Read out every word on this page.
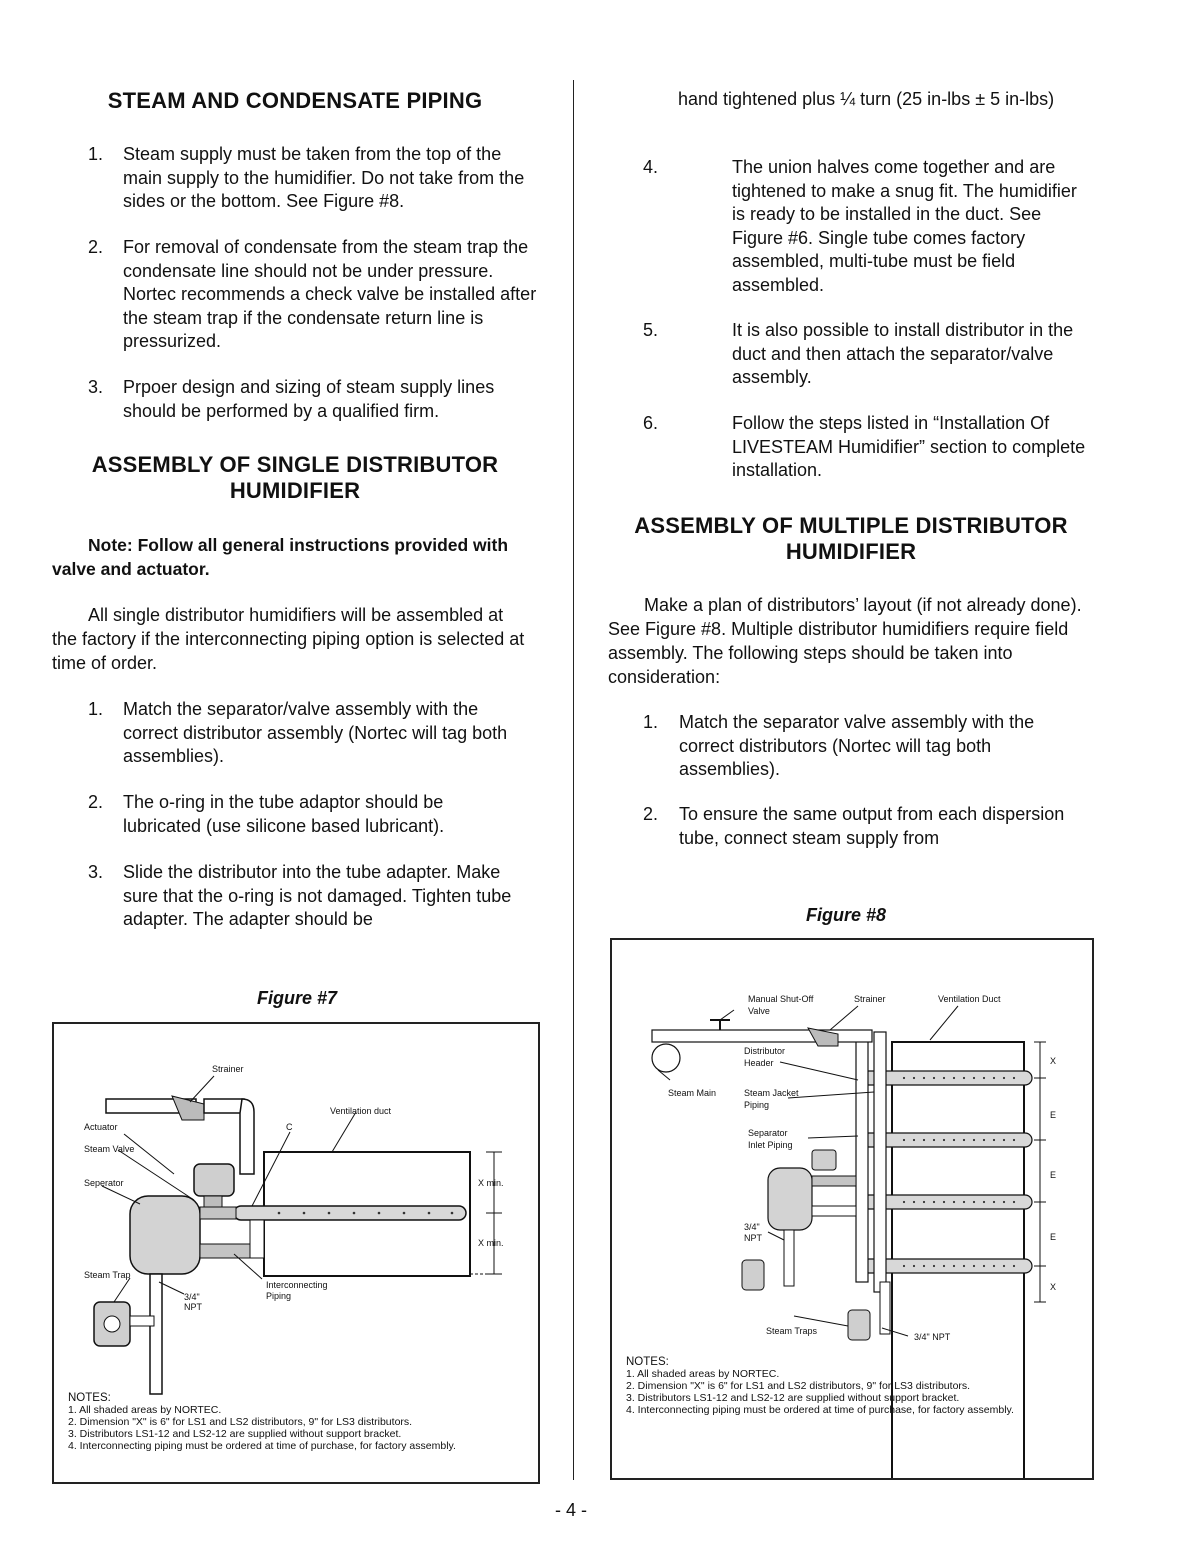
STEAM AND CONDENSATE PIPING
1. Steam supply must be taken from the top of the main supply to the humidifier. Do not take from the sides or the bottom. See Figure #8.
2. For removal of condensate from the steam trap the condensate line should not be under pressure. Nortec recommends a check valve be installed after the steam trap if the condensate return line is pressurized.
3. Prpoer design and sizing of steam supply lines should be performed by a qualified firm.
ASSEMBLY OF SINGLE DISTRIBUTOR
HUMIDIFIER
Note: Follow all general instructions provided with valve and actuator.
All single distributor humidifiers will be assembled at the factory if the interconnecting piping option is selected at time of order.
1. Match the separator/valve assembly with the correct distributor assembly (Nortec will tag both assemblies).
2. The o-ring in the tube adaptor should be lubricated (use silicone based lubricant).
3. Slide the distributor into the tube adapter. Make sure that the o-ring is not damaged. Tighten tube adapter. The adapter should be
Figure #7
Strainer
Actuator
Steam Valve
Seperator
Steam Trap
3/4"
NPT
C
Ventilation duct
X min.
X min.
Interconnecting
Piping
NOTES:
1. All shaded areas by NORTEC.
2. Dimension "X" is 6" for LS1 and LS2 distributors, 9" for LS3 distributors.
3. Distributors LS1-12 and LS2-12 are supplied without support bracket.
4. Interconnecting piping must be ordered at time of purchase, for factory assembly.
hand tightened plus ¼ turn (25 in-lbs ± 5 in-lbs)
4.	The union halves come together and are tightened to make a snug fit. The humidifier is ready to be installed in the duct. See Figure #6. Single tube comes factory assembled, multi-tube must be field assembled.
5.	It is also possible to install distributor in the duct and then attach the separator/valve assembly.
6.	Follow the steps listed in “Installation Of LIVESTEAM Humidifier” section to complete installation.
ASSEMBLY OF MULTIPLE DISTRIBUTOR
HUMIDIFIER
Make a plan of distributors’ layout (if not already done). See Figure #8. Multiple distributor humidifiers require field assembly. The following steps should be taken into consideration:
1. Match the separator valve assembly with the correct distributors (Nortec will tag both assemblies).
2. To ensure the same output from each dispersion tube, connect steam supply from
Figure #8
Manual Shut-Off
Valve
Strainer	Ventilation Duct
Distributor
Header
Steam Main	Steam Jacket
Piping
Separator
Inlet Piping
3/4"
NPT
Steam Traps
3/4" NPT
X
E
E
E
X
NOTES:
1. All shaded areas by NORTEC.
2. Dimension "X" is 6" for LS1 and LS2 distributors, 9" for LS3 distributors.
3. Distributors LS1-12 and LS2-12 are supplied without support bracket.
4. Interconnecting piping must be ordered at time of purchase, for factory assembly.
- 4 -
